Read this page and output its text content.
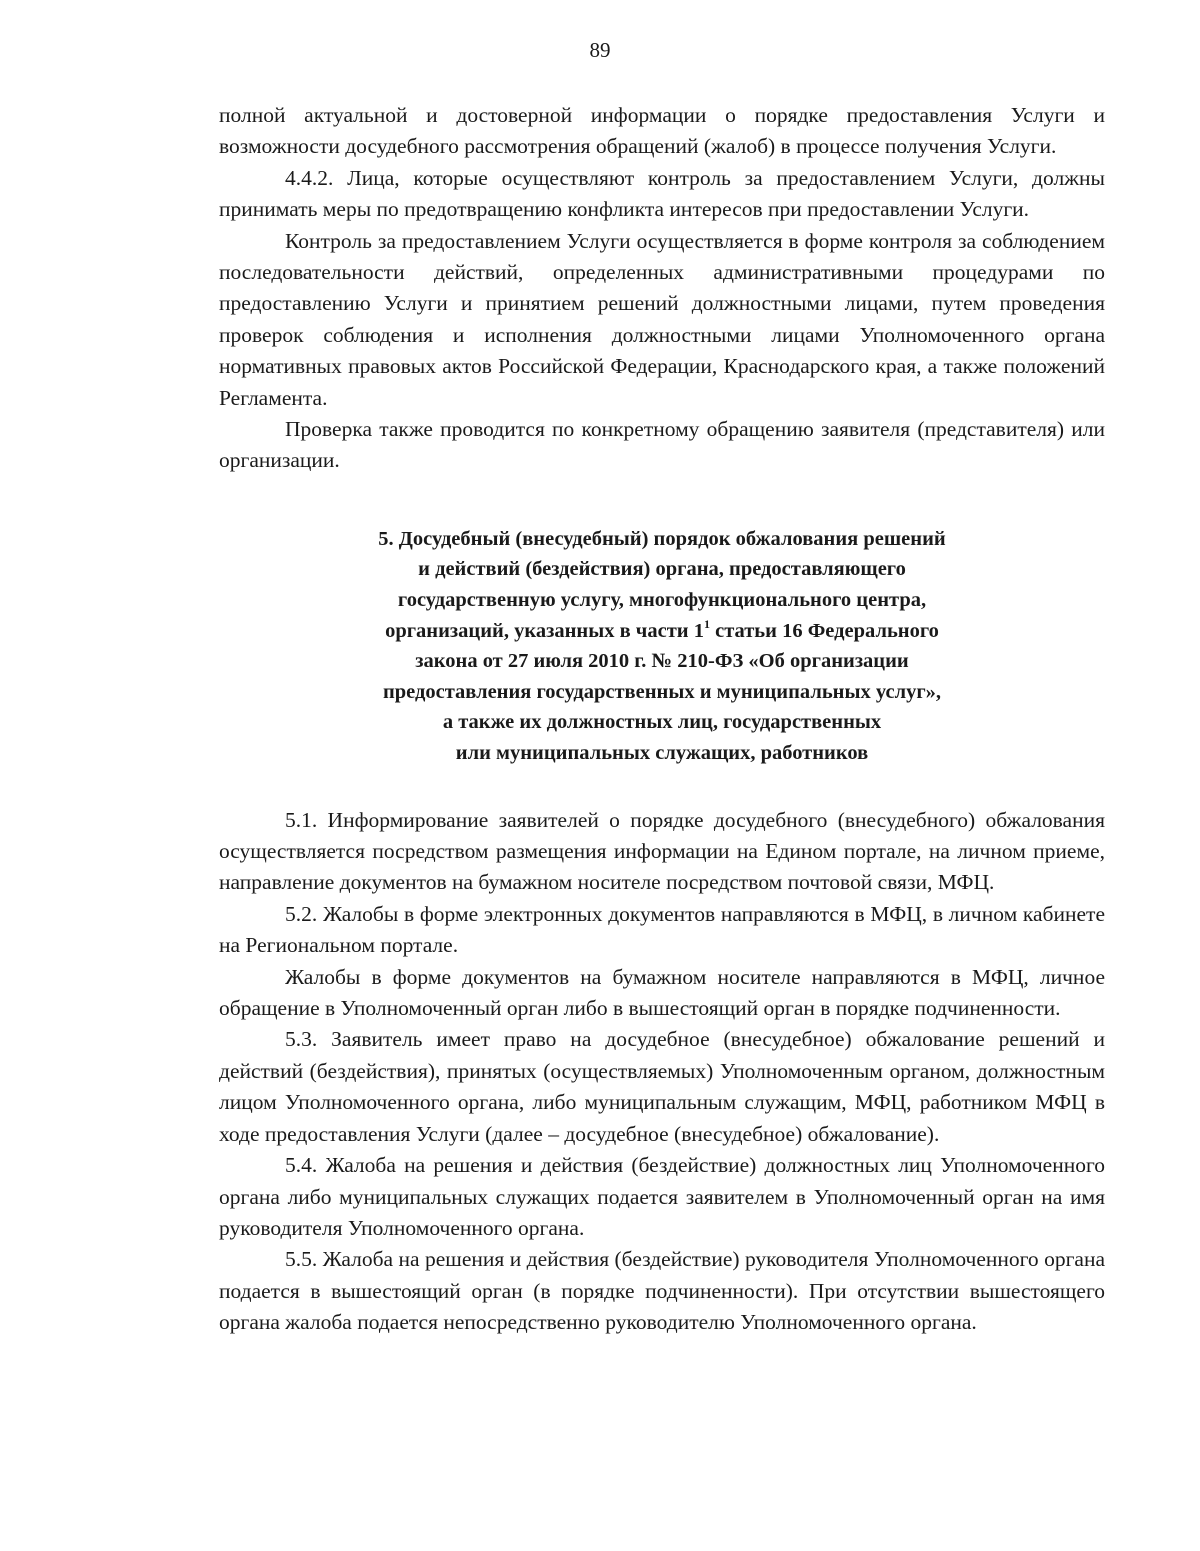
89

полной актуальной и достоверной информации о порядке предоставления Услуги и возможности досудебного рассмотрения обращений (жалоб) в процессе получения Услуги.

4.4.2. Лица, которые осуществляют контроль за предоставлением Услуги, должны принимать меры по предотвращению конфликта интересов при предоставлении Услуги.

Контроль за предоставлением Услуги осуществляется в форме контроля за соблюдением последовательности действий, определенных административными процедурами по предоставлению Услуги и принятием решений должностными лицами, путем проведения проверок соблюдения и исполнения должностными лицами Уполномоченного органа нормативных правовых актов Российской Федерации, Краснодарского края, а также положений Регламента.

Проверка также проводится по конкретному обращению заявителя (представителя) или организации.

5. Досудебный (внесудебный) порядок обжалования решений
и действий (бездействия) органа, предоставляющего
государственную услугу, многофункционального центра,
организаций, указанных в части $1^1$ статьи 16 Федерального
закона от 27 июля 2010 г. № 210-ФЗ «Об организации
предоставления государственных и муниципальных услуг»,
а также их должностных лиц, государственных
или муниципальных служащих, работников

5.1. Информирование заявителей о порядке досудебного (внесудебного) обжалования осуществляется посредством размещения информации на Едином портале, на личном приеме, направление документов на бумажном носителе посредством почтовой связи, МФЦ.

5.2. Жалобы в форме электронных документов направляются в МФЦ, в личном кабинете на Региональном портале.

Жалобы в форме документов на бумажном носителе направляются в МФЦ, личное обращение в Уполномоченный орган либо в вышестоящий орган в порядке подчиненности.

5.3. Заявитель имеет право на досудебное (внесудебное) обжалование решений и действий (бездействия), принятых (осуществляемых) Уполномоченным органом, должностным лицом Уполномоченного органа, либо муниципальным служащим, МФЦ, работником МФЦ в ходе предоставления Услуги (далее – досудебное (внесудебное) обжалование).

5.4. Жалоба на решения и действия (бездействие) должностных лиц Уполномоченного органа либо муниципальных служащих подается заявителем в Уполномоченный орган на имя руководителя Уполномоченного органа.

5.5. Жалоба на решения и действия (бездействие) руководителя Уполномоченного органа подается в вышестоящий орган (в порядке подчиненности). При отсутствии вышестоящего органа жалоба подается непосредственно руководителю Уполномоченного органа.
